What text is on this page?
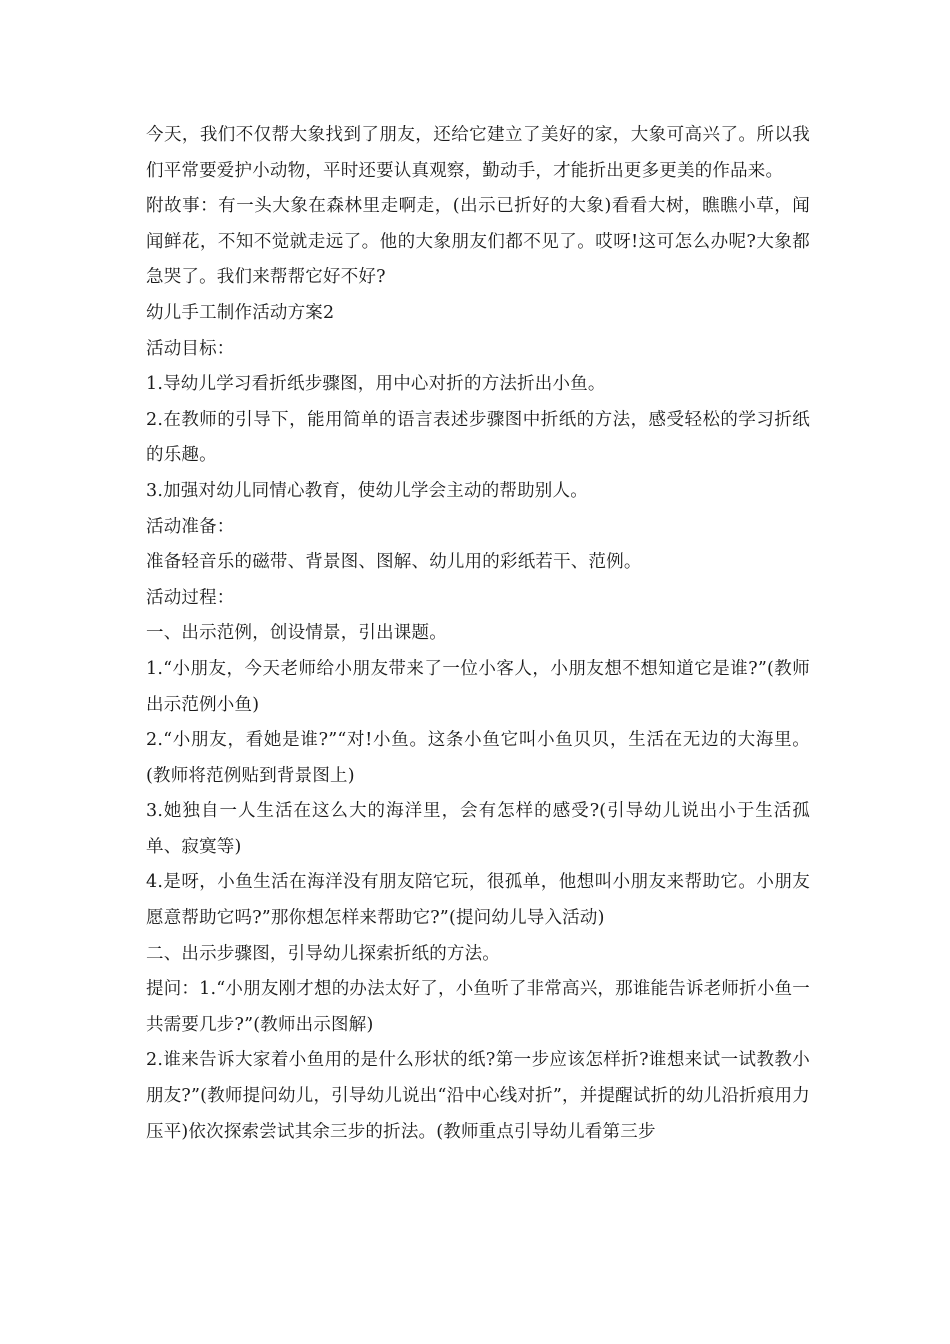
今天，我们不仅帮大象找到了朋友，还给它建立了美好的家，大象可高兴了。所以我们平常要爱护小动物，平时还要认真观察，勤动手，才能折出更多更美的作品来。

附故事：有一头大象在森林里走啊走，(出示已折好的大象)看看大树，瞧瞧小草，闻闻鲜花，不知不觉就走远了。他的大象朋友们都不见了。哎呀!这可怎么办呢?大象都急哭了。我们来帮帮它好不好?

幼儿手工制作活动方案2

活动目标：

1.导幼儿学习看折纸步骤图，用中心对折的方法折出小鱼。

2.在教师的引导下，能用简单的语言表述步骤图中折纸的方法，感受轻松的学习折纸的乐趣。

3.加强对幼儿同情心教育，使幼儿学会主动的帮助别人。

活动准备：

准备轻音乐的磁带、背景图、图解、幼儿用的彩纸若干、范例。

活动过程：

一、出示范例，创设情景，引出课题。

1.“小朋友，今天老师给小朋友带来了一位小客人，小朋友想不想知道它是谁?”(教师出示范例小鱼)

2.“小朋友，看她是谁?”“对!小鱼。这条小鱼它叫小鱼贝贝，生活在无边的大海里。(教师将范例贴到背景图上)

3.她独自一人生活在这么大的海洋里，会有怎样的感受?(引导幼儿说出小于生活孤单、寂寞等)

4.是呀，小鱼生活在海洋没有朋友陪它玩，很孤单，他想叫小朋友来帮助它。小朋友愿意帮助它吗?”那你想怎样来帮助它?”(提问幼儿导入活动)

二、出示步骤图，引导幼儿探索折纸的方法。

提问：1.“小朋友刚才想的办法太好了，小鱼听了非常高兴，那谁能告诉老师折小鱼一共需要几步?”(教师出示图解)

2.谁来告诉大家着小鱼用的是什么形状的纸?第一步应该怎样折?谁想来试一试教教小朋友?”(教师提问幼儿，引导幼儿说出“沿中心线对折”，并提醒试折的幼儿沿折痕用力压平)依次探索尝试其余三步的折法。(教师重点引导幼儿看第三步
